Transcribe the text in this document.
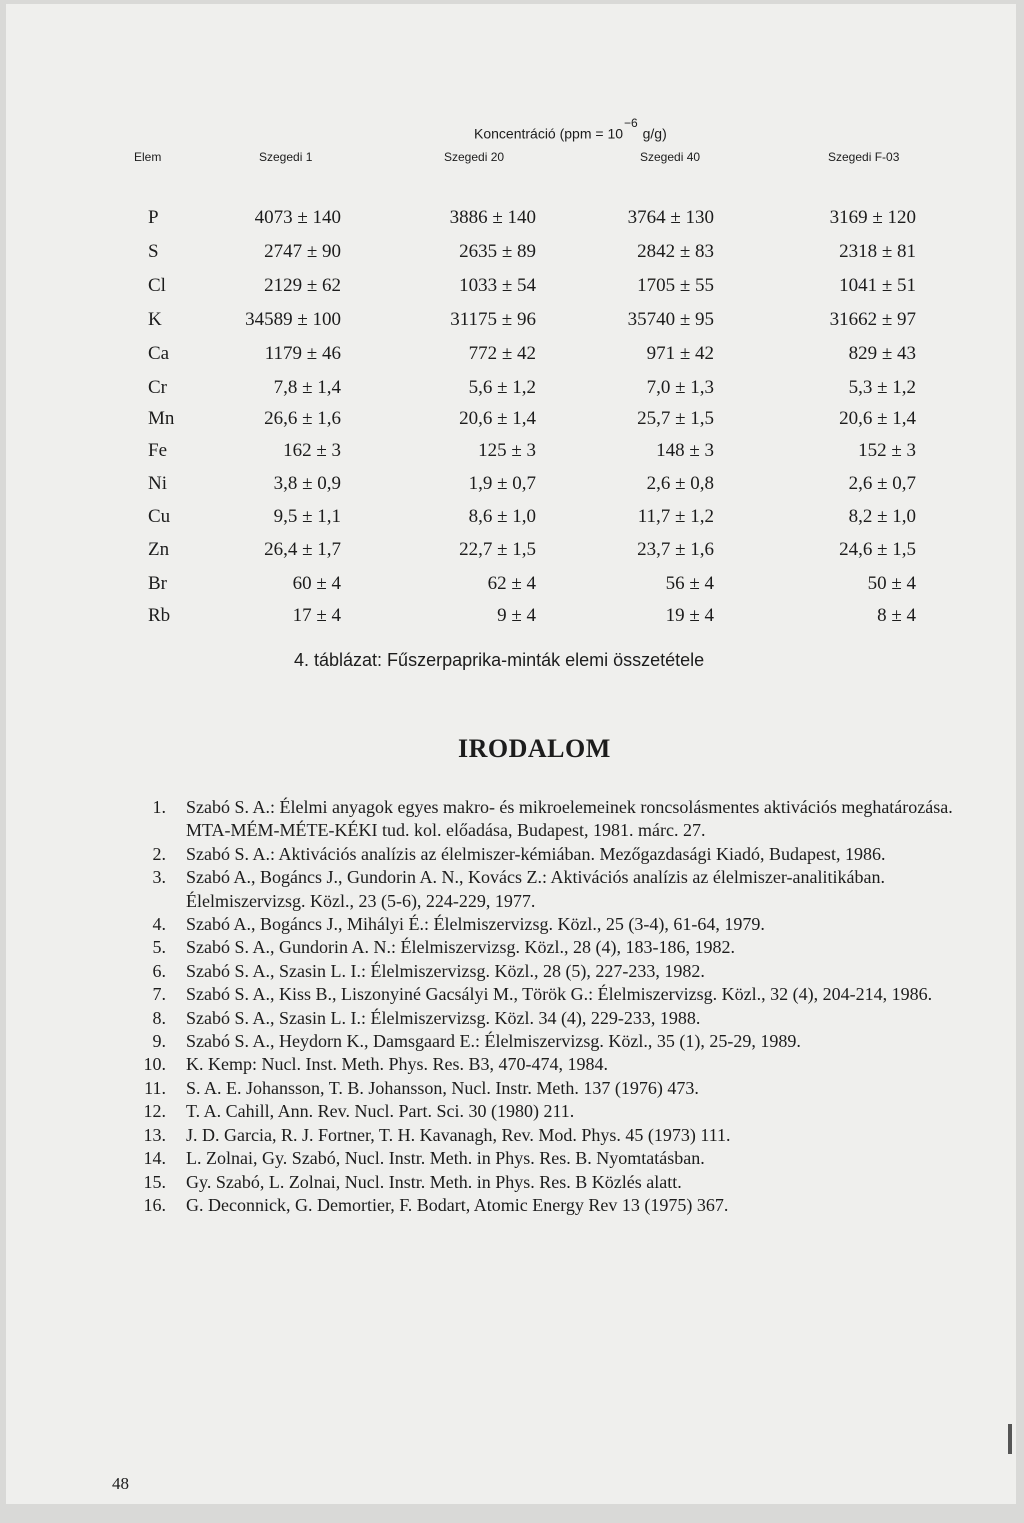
Koncentráció ($ppm = 10^{-6}$ g/g)
Elem	Szegedi 1	Szegedi 20	Szegedi 40	Szegedi F-03
P	4073 ± 140	3886 ± 140	3764 ± 130	3169 ± 120
S	2747 ± 90	2635 ± 89	2842 ± 83	2318 ± 81
Cl	2129 ± 62	1033 ± 54	1705 ± 55	1041 ± 51
K	34589 ± 100	31175 ± 96	35740 ± 95	31662 ± 97
Ca	1179 ± 46	772 ± 42	971 ± 42	829 ± 43
Cr	7,8 ± 1,4	5,6 ± 1,2	7,0 ± 1,3	5,3 ± 1,2
Mn	26,6 ± 1,6	20,6 ± 1,4	25,7 ± 1,5	20,6 ± 1,4
Fe	162 ± 3	125 ± 3	148 ± 3	152 ± 3
Ni	3,8 ± 0,9	1,9 ± 0,7	2,6 ± 0,8	2,6 ± 0,7
Cu	9,5 ± 1,1	8,6 ± 1,0	11,7 ± 1,2	8,2 ± 1,0
Zn	26,4 ± 1,7	22,7 ± 1,5	23,7 ± 1,6	24,6 ± 1,5
Br	60 ± 4	62 ± 4	56 ± 4	50 ± 4
Rb	17 ± 4	9 ± 4	19 ± 4	8 ± 4
4. táblázat: Fűszerpaprika-minták elemi összetétele
IRODALOM
1. Szabó S. A.: Élelmi anyagok egyes makro- és mikroelemeinek roncsolásmentes aktivációs meghatározása. MTA-MÉM-MÉTE-KÉKI tud. kol. előadása, Budapest, 1981. márc. 27.
2. Szabó S. A.: Aktivációs analízis az élelmiszer-kémiában. Mezőgazdasági Kiadó, Budapest, 1986.
3. Szabó A., Bogáncs J., Gundorin A. N., Kovács Z.: Aktivációs analízis az élelmiszer-analitikában. Élelmiszervizsg. Közl., 23 (5-6), 224-229, 1977.
4. Szabó A., Bogáncs J., Mihályi É.: Élelmiszervizsg. Közl., 25 (3-4), 61-64, 1979.
5. Szabó S. A., Gundorin A. N.: Élelmiszervizsg. Közl., 28 (4), 183-186, 1982.
6. Szabó S. A., Szasin L. I.: Élelmiszervizsg. Közl., 28 (5), 227-233, 1982.
7. Szabó S. A., Kiss B., Liszonyiné Gacsályi M., Török G.: Élelmiszervizsg. Közl., 32 (4), 204-214, 1986.
8. Szabó S. A., Szasin L. I.: Élelmiszervizsg. Közl. 34 (4), 229-233, 1988.
9. Szabó S. A., Heydorn K., Damsgaard E.: Élelmiszervizsg. Közl., 35 (1), 25-29, 1989.
10. K. Kemp: Nucl. Inst. Meth. Phys. Res. B3, 470-474, 1984.
11. S. A. E. Johansson, T. B. Johansson, Nucl. Instr. Meth. 137 (1976) 473.
12. T. A. Cahill, Ann. Rev. Nucl. Part. Sci. 30 (1980) 211.
13. J. D. Garcia, R. J. Fortner, T. H. Kavanagh, Rev. Mod. Phys. 45 (1973) 111.
14. L. Zolnai, Gy. Szabó, Nucl. Instr. Meth. in Phys. Res. B. Nyomtatásban.
15. Gy. Szabó, L. Zolnai, Nucl. Instr. Meth. in Phys. Res. B Közlés alatt.
16. G. Deconnick, G. Demortier, F. Bodart, Atomic Energy Rev 13 (1975) 367.
48
